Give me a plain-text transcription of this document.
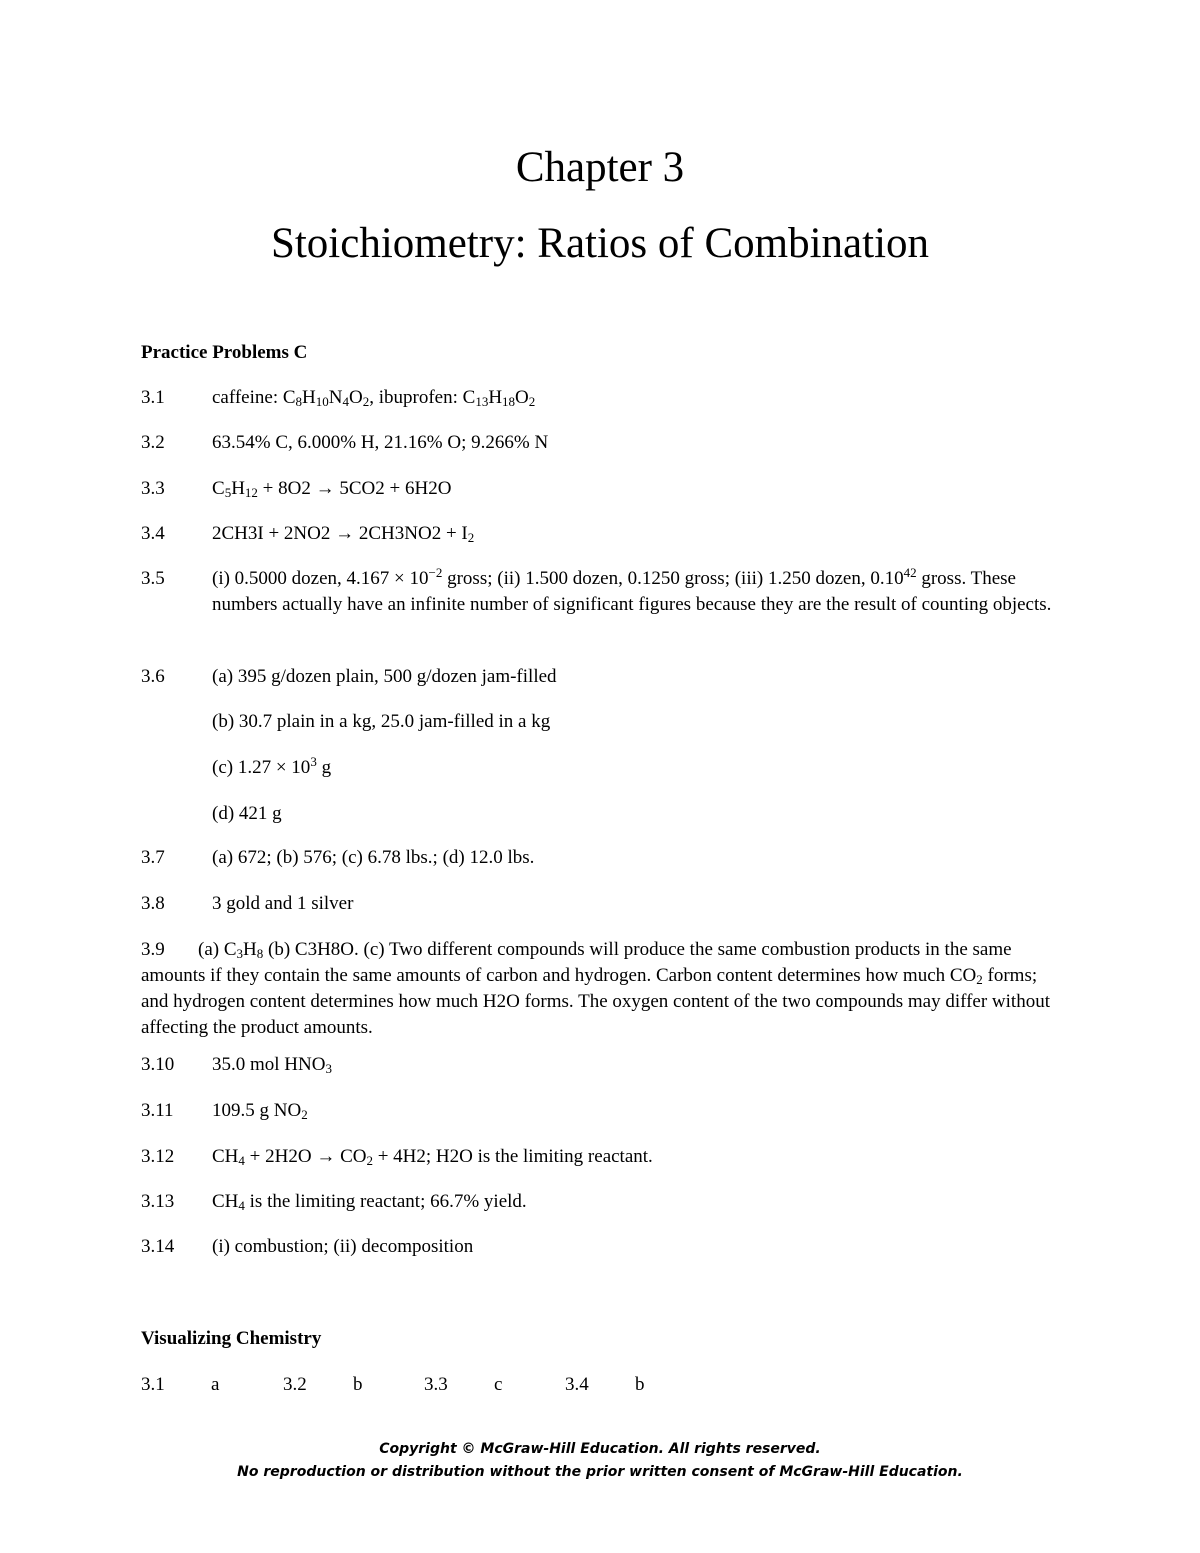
Chapter 3
Stoichiometry: Ratios of Combination
Practice Problems C
3.1 caffeine: $C_8H_{10}N_4O_2$, ibuprofen: $C_{13}H_{18}O_2$
3.2 63.54% C, 6.000% H, 21.16% O; 9.266% N
3.3 $C_5H_{12} + 8O2 \to 5CO2 + 6H2O$
3.4 $2CH3I + 2NO2 \to 2CH3NO2 + I_2$
3.5 (i) 0.5000 dozen, $4.167 \times 10^{-2}$ gross; (ii) 1.500 dozen, 0.1250 gross; (iii) 1.250 dozen, 0.10$^{42}$ gross. These numbers actually have an infinite number of significant figures because they are the result of counting objects.
3.6 (a) 395 g/dozen plain, 500 g/dozen jam-filled
(b) 30.7 plain in a kg, 25.0 jam-filled in a kg
(c) $1.27 \times 10^3$ g
(d) 421 g
3.7 (a) 672; (b) 576; (c) 6.78 lbs.; (d) 12.0 lbs.
3.8 3 gold and 1 silver
3.9 (a) $C_3H_8$ (b) C3H8O. (c) Two different compounds will produce the same combustion products in the same amounts if they contain the same amounts of carbon and hydrogen. Carbon content determines how much $CO_2$ forms; and hydrogen content determines how much H2O forms. The oxygen content of the two compounds may differ without affecting the product amounts.
3.10 35.0 mol $HNO_3$
3.11 109.5 g $NO_2$
3.12 $CH_4 + 2H2O \to CO_2 + 4H2$; H2O is the limiting reactant.
3.13 $CH_4$ is the limiting reactant; 66.7% yield.
3.14 (i) combustion; (ii) decomposition
Visualizing Chemistry
3.1 a	3.2 b	3.3 c	3.4 b
Copyright © McGraw-Hill Education. All rights reserved.
No reproduction or distribution without the prior written consent of McGraw-Hill Education.
